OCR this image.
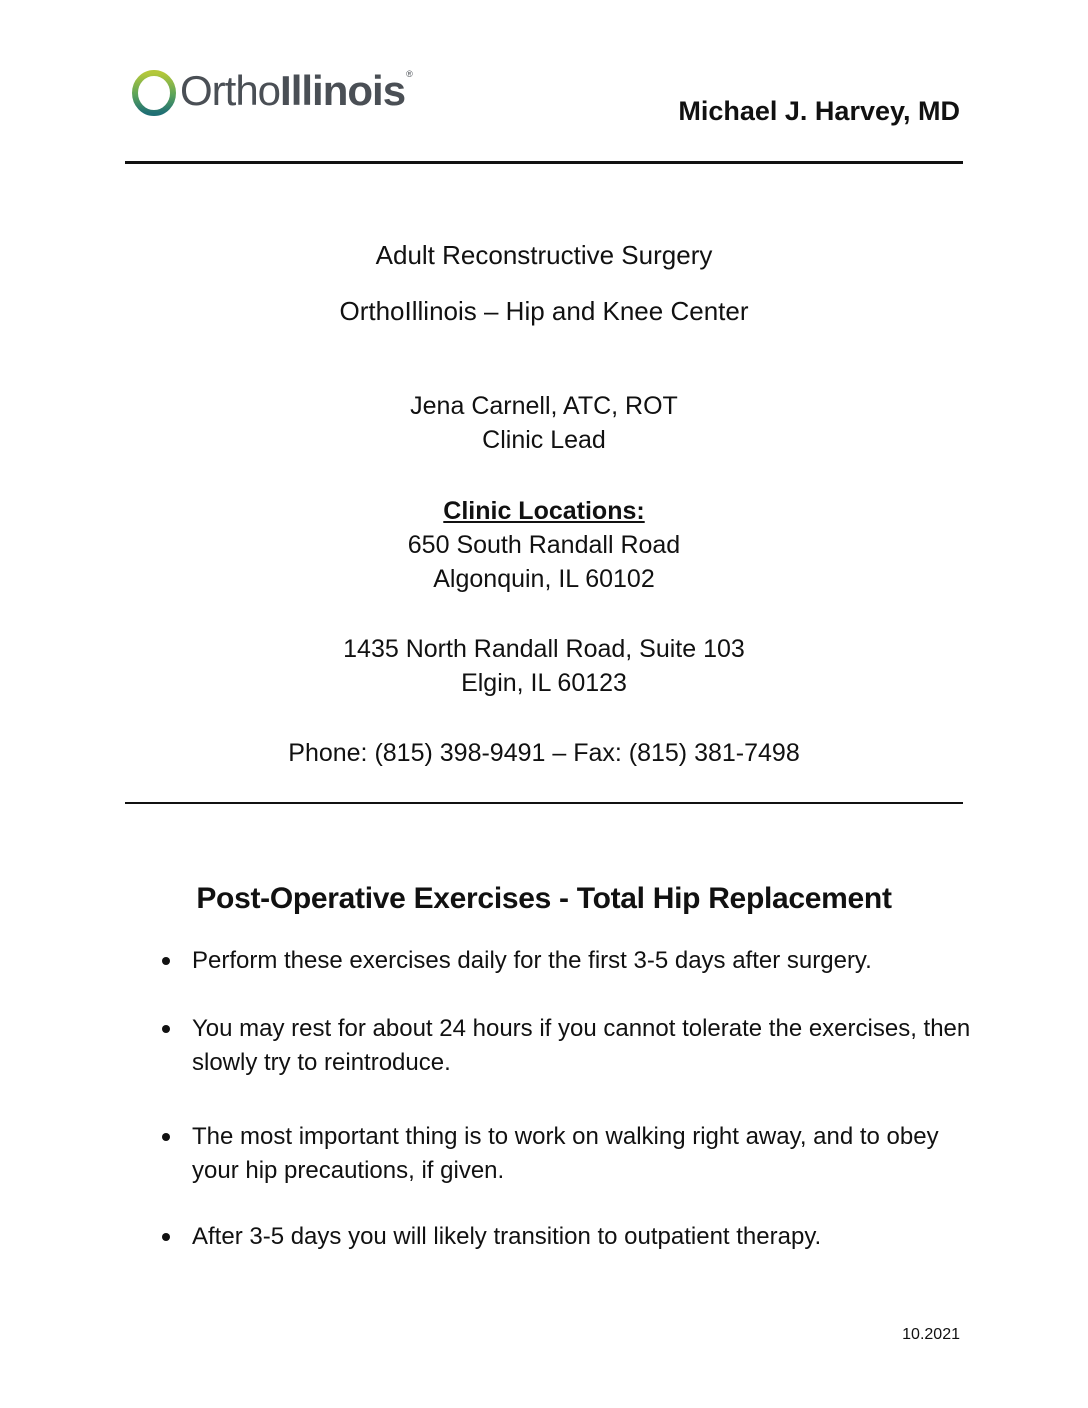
OrthoIllinois®
Michael J. Harvey, MD
Adult Reconstructive Surgery
OrthoIllinois – Hip and Knee Center
Jena Carnell, ATC, ROT
Clinic Lead
Clinic Locations:
650 South Randall Road
Algonquin, IL 60102
1435 North Randall Road, Suite 103
Elgin, IL 60123
Phone: (815) 398-9491 – Fax: (815) 381-7498
Post-Operative Exercises - Total Hip Replacement
Perform these exercises daily for the first 3-5 days after surgery.
You may rest for about 24 hours if you cannot tolerate the exercises, then slowly try to reintroduce.
The most important thing is to work on walking right away, and to obey your hip precautions, if given.
After 3-5 days you will likely transition to outpatient therapy.
10.2021
